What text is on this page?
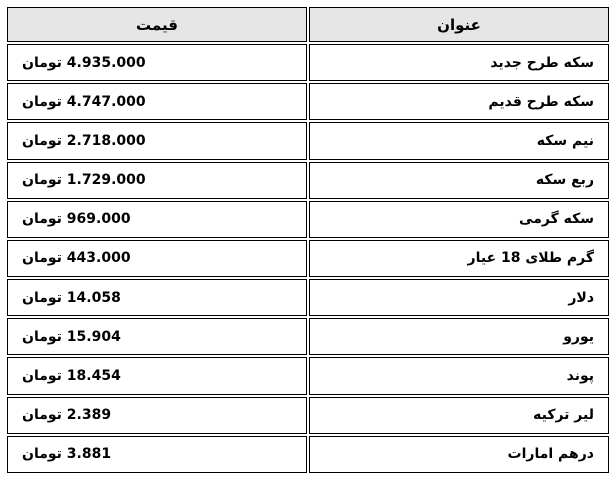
عنوان	قیمت
سکه طرح جدید	4.935.000 تومان
سکه طرح قدیم	4.747.000 تومان
نیم سکه	2.718.000 تومان
ربع سکه	1.729.000 تومان
سکه گرمی	969.000 تومان
گرم طلای 18 عیار	443.000 تومان
دلار	14.058 تومان
یورو	15.904 تومان
پوند	18.454 تومان
لیر ترکیه	2.389 تومان
درهم امارات	3.881 تومان
